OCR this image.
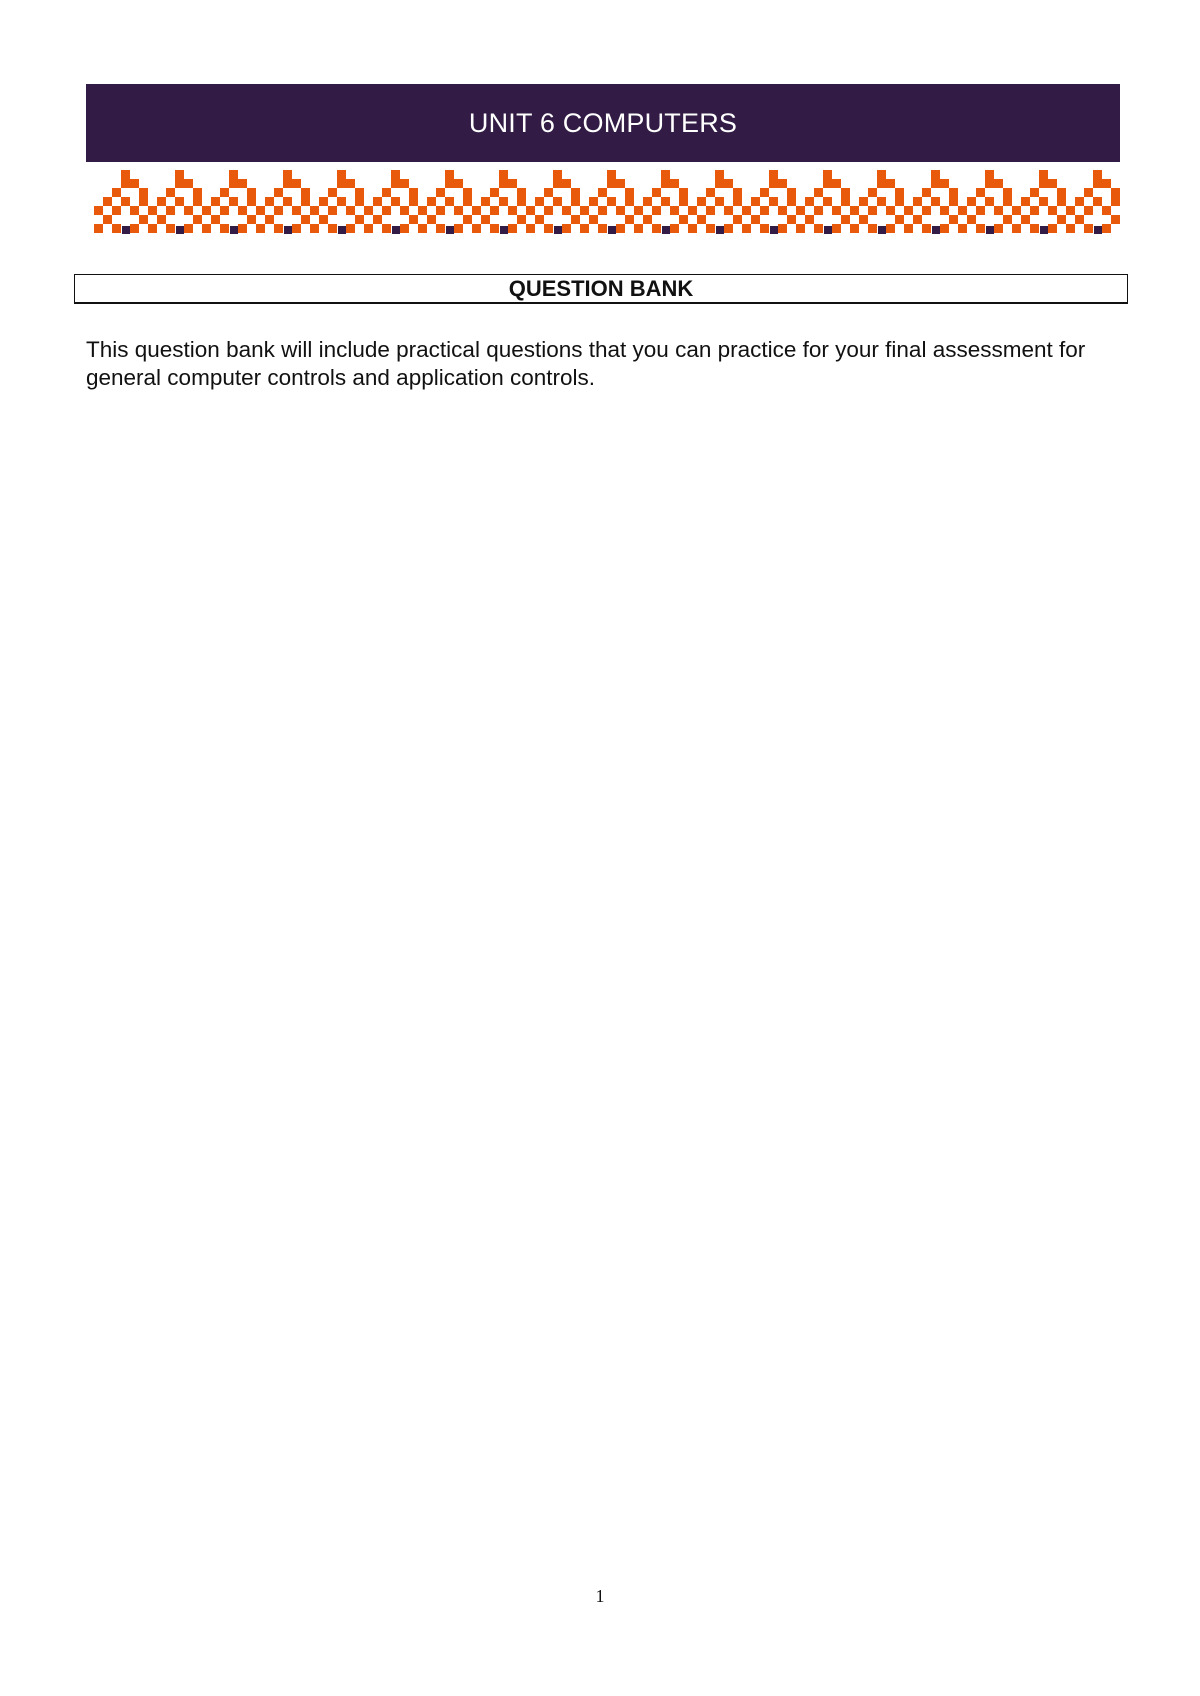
UNIT 6 COMPUTERS
QUESTION BANK

This question bank will include practical questions that you can practice for your final assessment for general computer controls and application controls.

1
